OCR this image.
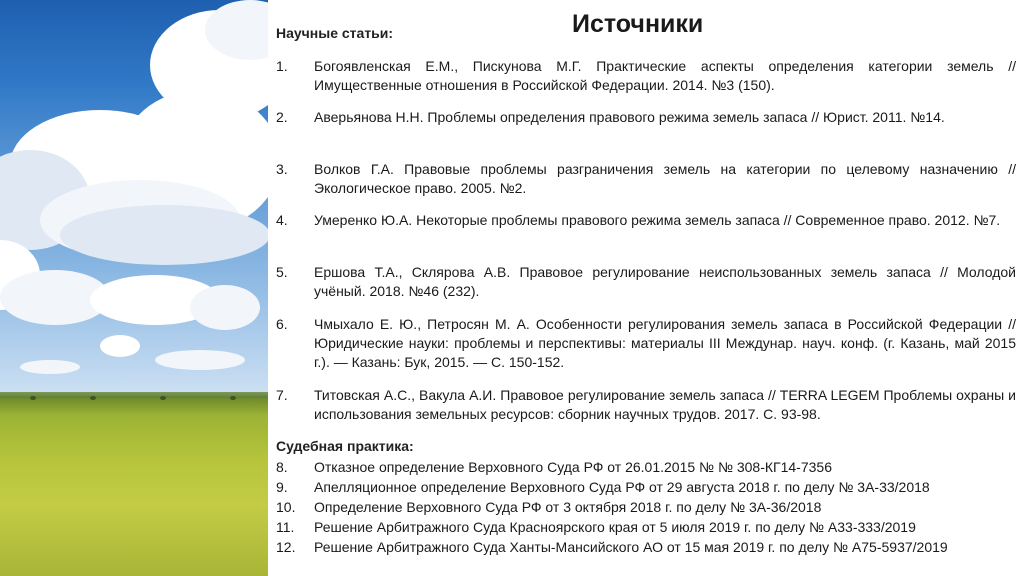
Источники
Научные статьи:
1.	Богоявленская Е.М., Пискунова М.Г. Практические аспекты определения категории земель // Имущественные отношения в Российской Федерации. 2014. №3 (150).
2.	Аверьянова Н.Н. Проблемы определения правового режима земель запаса // Юрист. 2011. №14.
3.	Волков Г.А. Правовые проблемы разграничения земель на категории по целевому назначению // Экологическое право. 2005. №2.
4.	Умеренко Ю.А. Некоторые проблемы правового режима земель запаса // Современное право. 2012. №7.
5.	Ершова Т.А., Склярова А.В. Правовое регулирование неиспользованных земель запаса // Молодой учёный. 2018. №46 (232).
6.	Чмыхало Е. Ю., Петросян М. А. Особенности регулирования земель запаса в Российской Федерации // Юридические науки: проблемы и перспективы: материалы III Междунар. науч. конф. (г. Казань, май 2015 г.). — Казань: Бук, 2015. — С. 150-152.
7.	Титовская А.С., Вакула А.И. Правовое регулирование земель запаса // TERRA LEGEM Проблемы охраны и использования земельных ресурсов: сборник научных трудов. 2017. С. 93-98.
Судебная практика:
8.	Отказное определение Верховного Суда РФ от 26.01.2015 № № 308-КГ14-7356
9.	Апелляционное определение Верховного Суда РФ от 29 августа 2018 г. по делу № 3А-33/2018
10.	Определение Верховного Суда РФ от 3 октября 2018 г. по делу № 3А-36/2018
11.	Решение Арбитражного Суда Красноярского края от 5 июля 2019 г. по делу № А33-333/2019
12.	Решение Арбитражного Суда Ханты-Мансийского АО от 15 мая 2019 г. по делу № А75-5937/2019
